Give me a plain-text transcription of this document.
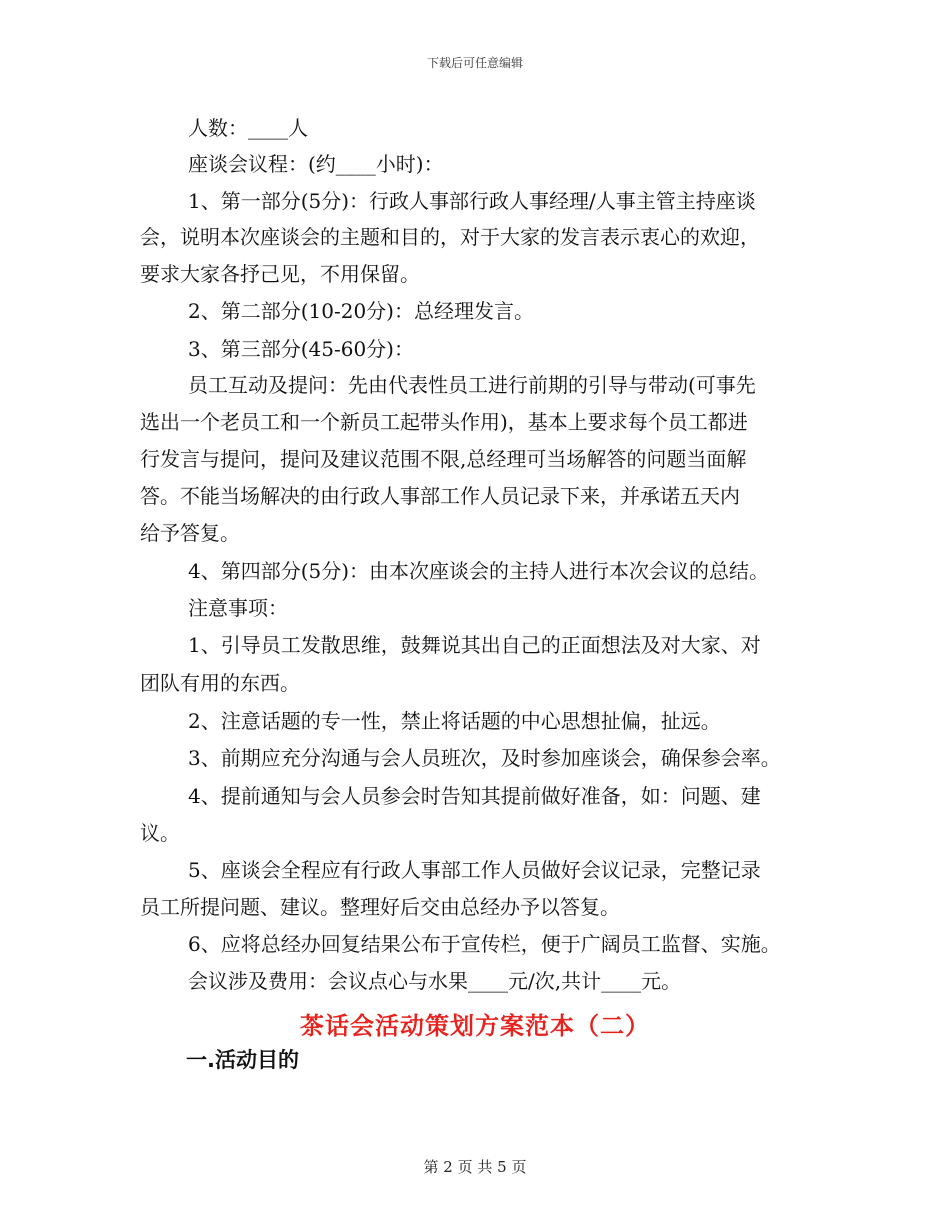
下载后可任意编辑
人数：____人
座谈会议程：(约____小时)：
1、第一部分(5分)：行政人事部行政人事经理/人事主管主持座谈
会，说明本次座谈会的主题和目的，对于大家的发言表示衷心的欢迎，
要求大家各抒己见，不用保留。
2、第二部分(10-20分)：总经理发言。
3、第三部分(45-60分)：
员工互动及提问：先由代表性员工进行前期的引导与带动(可事先
选出一个老员工和一个新员工起带头作用)，基本上要求每个员工都进
行发言与提问，提问及建议范围不限,总经理可当场解答的问题当面解
答。不能当场解决的由行政人事部工作人员记录下来，并承诺五天内
给予答复。
4、第四部分(5分)：由本次座谈会的主持人进行本次会议的总结。
注意事项：
1、引导员工发散思维，鼓舞说其出自己的正面想法及对大家、对
团队有用的东西。
2、注意话题的专一性，禁止将话题的中心思想扯偏，扯远。
3、前期应充分沟通与会人员班次，及时参加座谈会，确保参会率。
4、提前通知与会人员参会时告知其提前做好准备，如：问题、建
议。
5、座谈会全程应有行政人事部工作人员做好会议记录，完整记录
员工所提问题、建议。整理好后交由总经办予以答复。
6、应将总经办回复结果公布于宣传栏，便于广阔员工监督、实施。
会议涉及费用：会议点心与水果____元/次,共计____元。
茶话会活动策划方案范本（二）
一.活动目的
第 2 页 共 5 页
